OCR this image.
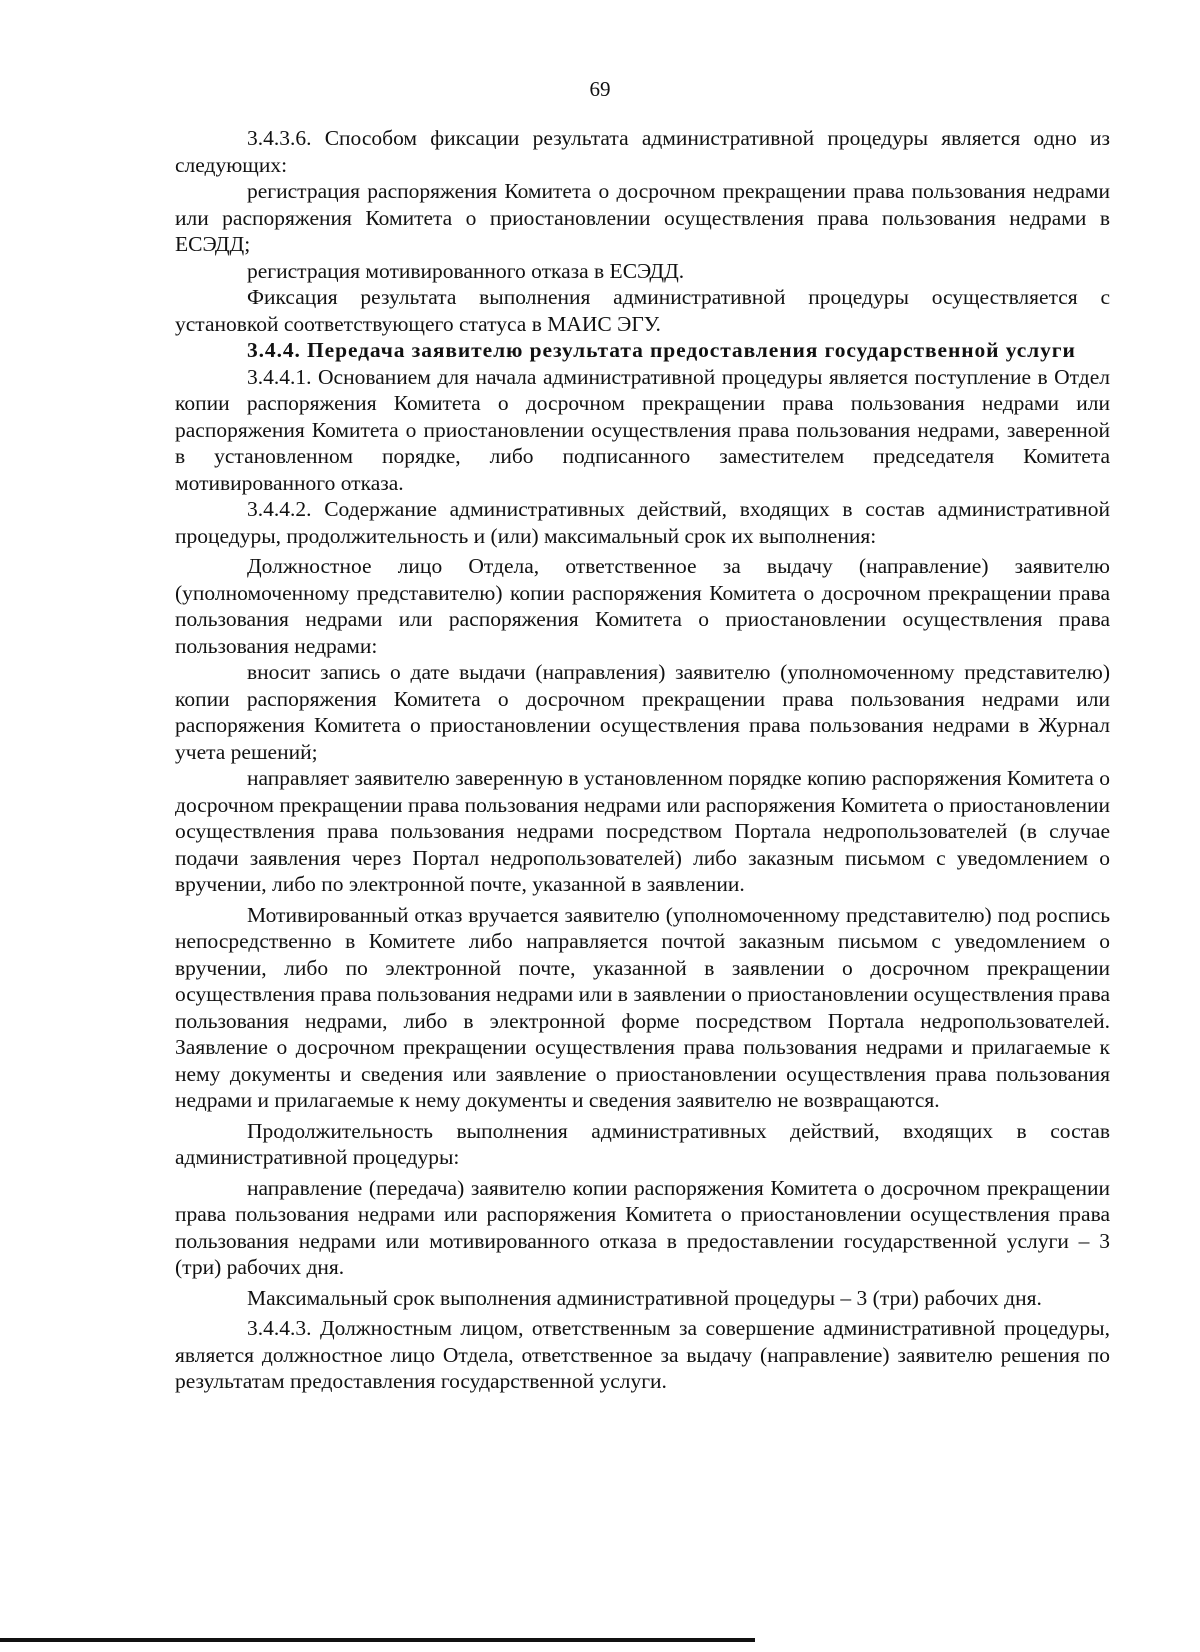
69

3.4.3.6. Способом фиксации результата административной процедуры является одно из следующих:

регистрация распоряжения Комитета о досрочном прекращении права пользования недрами или распоряжения Комитета о приостановлении осуществления права пользования недрами в ЕСЭДД;

регистрация мотивированного отказа в ЕСЭДД.

Фиксация результата выполнения административной процедуры осуществляется с установкой соответствующего статуса в МАИС ЭГУ.

3.4.4. Передача заявителю результата предоставления государственной услуги

3.4.4.1. Основанием для начала административной процедуры является поступление в Отдел копии распоряжения Комитета о досрочном прекращении права пользования недрами или распоряжения Комитета о приостановлении осуществления права пользования недрами, заверенной в установленном порядке, либо подписанного заместителем председателя Комитета мотивированного отказа.

3.4.4.2. Содержание административных действий, входящих в состав административной процедуры, продолжительность и (или) максимальный срок их выполнения:

Должностное лицо Отдела, ответственное за выдачу (направление) заявителю (уполномоченному представителю) копии распоряжения Комитета о досрочном прекращении права пользования недрами или распоряжения Комитета о приостановлении осуществления права пользования недрами:

вносит запись о дате выдачи (направления) заявителю (уполномоченному представителю) копии распоряжения Комитета о досрочном прекращении права пользования недрами или распоряжения Комитета о приостановлении осуществления права пользования недрами в Журнал учета решений;

направляет заявителю заверенную в установленном порядке копию распоряжения Комитета о досрочном прекращении права пользования недрами или распоряжения Комитета о приостановлении осуществления права пользования недрами посредством Портала недропользователей (в случае подачи заявления через Портал недропользователей) либо заказным письмом с уведомлением о вручении, либо по электронной почте, указанной в заявлении.

Мотивированный отказ вручается заявителю (уполномоченному представителю) под роспись непосредственно в Комитете либо направляется почтой заказным письмом с уведомлением о вручении, либо по электронной почте, указанной в заявлении о досрочном прекращении осуществления права пользования недрами или в заявлении о приостановлении осуществления права пользования недрами, либо в электронной форме посредством Портала недропользователей. Заявление о досрочном прекращении осуществления права пользования недрами и прилагаемые к нему документы и сведения или заявление о приостановлении осуществления права пользования недрами и прилагаемые к нему документы и сведения заявителю не возвращаются.

Продолжительность выполнения административных действий, входящих в состав административной процедуры:

направление (передача) заявителю копии распоряжения Комитета о досрочном прекращении права пользования недрами или распоряжения Комитета о приостановлении осуществления права пользования недрами или мотивированного отказа в предоставлении государственной услуги – 3 (три) рабочих дня.

Максимальный срок выполнения административной процедуры – 3 (три) рабочих дня.

3.4.4.3. Должностным лицом, ответственным за совершение административной процедуры, является должностное лицо Отдела, ответственное за выдачу (направление) заявителю решения по результатам предоставления государственной услуги.
